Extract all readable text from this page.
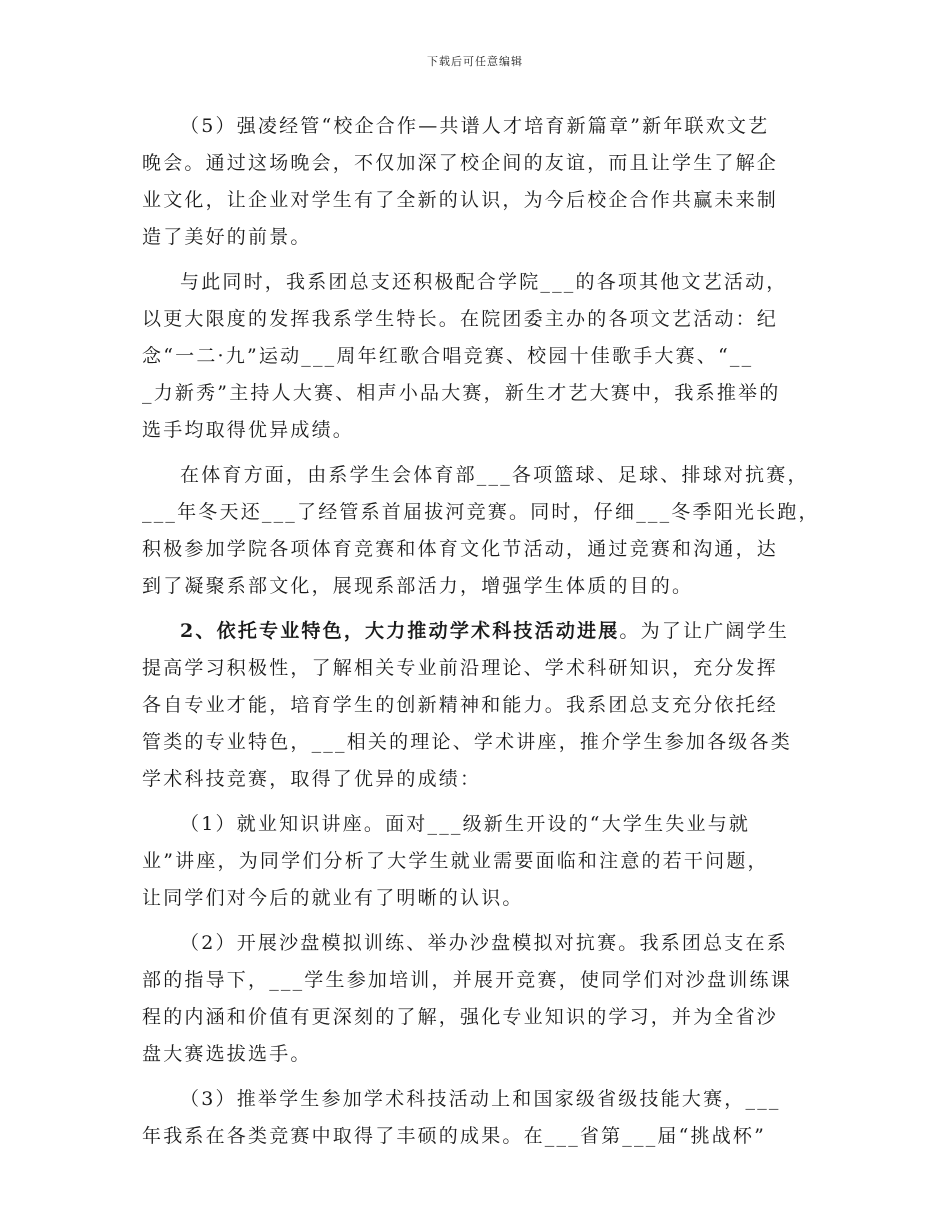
下载后可任意编辑

（5）强凌经管“校企合作—共谱人才培育新篇章”新年联欢文艺
晚会。通过这场晚会，不仅加深了校企间的友谊，而且让学生了解企
业文化，让企业对学生有了全新的认识，为今后校企合作共赢未来制
造了美好的前景。

与此同时，我系团总支还积极配合学院___的各项其他文艺活动，
以更大限度的发挥我系学生特长。在院团委主办的各项文艺活动：纪
念“一二·九”运动___周年红歌合唱竞赛、校园十佳歌手大赛、“__
_力新秀”主持人大赛、相声小品大赛，新生才艺大赛中，我系推举的
选手均取得优异成绩。

在体育方面，由系学生会体育部___各项篮球、足球、排球对抗赛，
___年冬天还___了经管系首届拔河竞赛。同时，仔细___冬季阳光长跑，
积极参加学院各项体育竞赛和体育文化节活动，通过竞赛和沟通，达
到了凝聚系部文化，展现系部活力，增强学生体质的目的。

2、依托专业特色，大力推动学术科技活动进展。为了让广阔学生
提高学习积极性，了解相关专业前沿理论、学术科研知识，充分发挥
各自专业才能，培育学生的创新精神和能力。我系团总支充分依托经
管类的专业特色，___相关的理论、学术讲座，推介学生参加各级各类
学术科技竞赛，取得了优异的成绩：

（1）就业知识讲座。面对___级新生开设的“大学生失业与就
业”讲座，为同学们分析了大学生就业需要面临和注意的若干问题，
让同学们对今后的就业有了明晰的认识。

（2）开展沙盘模拟训练、举办沙盘模拟对抗赛。我系团总支在系
部的指导下，___学生参加培训，并展开竞赛，使同学们对沙盘训练课
程的内涵和价值有更深刻的了解，强化专业知识的学习，并为全省沙
盘大赛选拔选手。

（3）推举学生参加学术科技活动上和国家级省级技能大赛，___
年我系在各类竞赛中取得了丰硕的成果。在___省第___届“挑战杯”
